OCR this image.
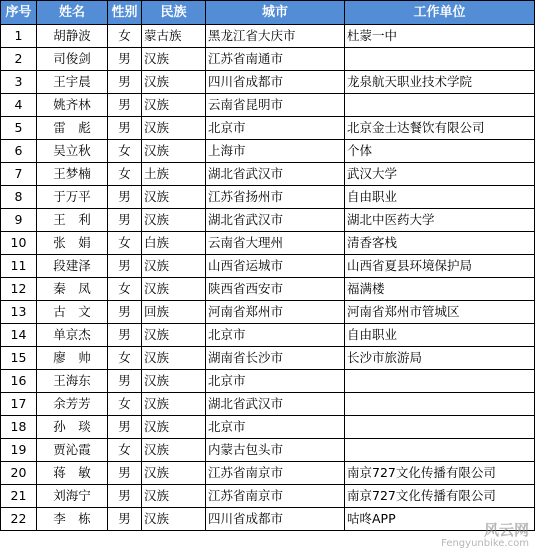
序号	姓名	性别	民族	城市	工作单位
1	胡静波	女	蒙古族	黑龙江省大庆市	杜蒙一中
2	司俊剑	男	汉族	江苏省南通市	
3	王宇晨	男	汉族	四川省成都市	龙泉航天职业技术学院
4	姚齐林	男	汉族	云南省昆明市	
5	雷　彪	男	汉族	北京市	北京金士达餐饮有限公司
6	吴立秋	女	汉族	上海市	个体
7	王梦楠	女	土族	湖北省武汉市	武汉大学
8	于万平	男	汉族	江苏省扬州市	自由职业
9	王　利	男	汉族	湖北省武汉市	湖北中医药大学
10	张　娟	女	白族	云南省大理州	清香客栈
11	段建泽	男	汉族	山西省运城市	山西省夏县环境保护局
12	秦　凤	女	汉族	陕西省西安市	福满楼
13	古　文	男	回族	河南省郑州市	河南省郑州市管城区
14	单京杰	男	汉族	北京市	自由职业
15	廖　帅	女	汉族	湖南省长沙市	长沙市旅游局
16	王海东	男	汉族	北京市	
17	余芳芳	女	汉族	湖北省武汉市	
18	孙　琰	男	汉族	北京市	
19	贾沁霞	女	汉族	内蒙古包头市	
20	蒋　敏	男	汉族	江苏省南京市	南京727文化传播有限公司
21	刘海宁	男	汉族	江苏省南京市	南京727文化传播有限公司
22	李　栋	男	汉族	四川省成都市	咕咚APP
风云网
Fengyunbike.com
